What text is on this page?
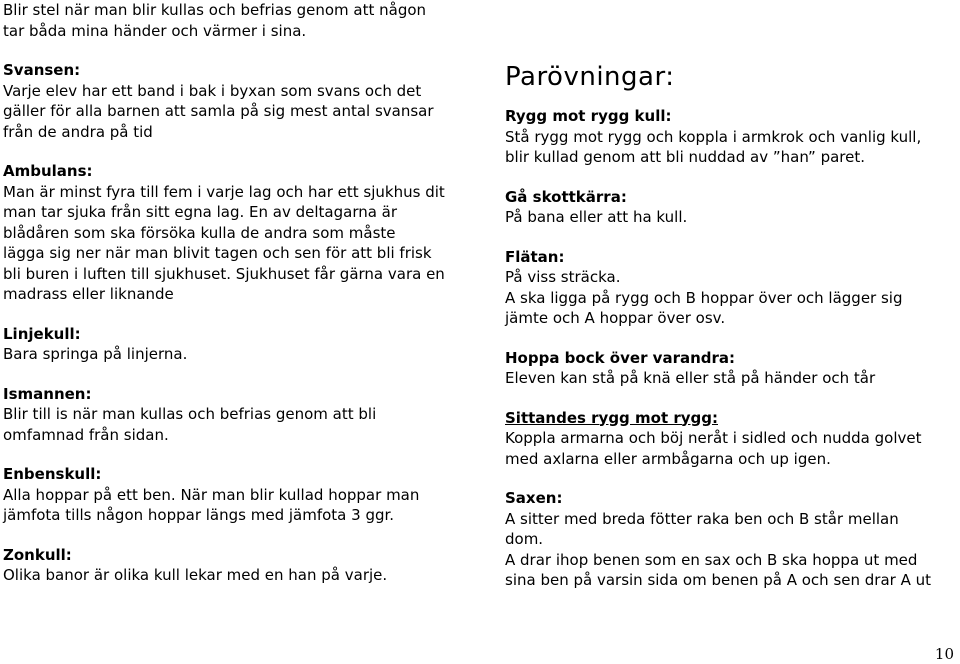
Blir stel när man blir kullas och befrias genom att någon
tar båda mina händer och värmer i sina.
Svansen:
Varje elev har ett band i bak i byxan som svans och det
gäller för alla barnen att samla på sig mest antal svansar
från de andra på tid
Ambulans:
Man är minst fyra till fem i varje lag och har ett sjukhus dit
man tar sjuka från sitt egna lag. En av deltagarna är
blådåren som ska försöka kulla de andra som måste
lägga sig ner när man blivit tagen och sen för att bli frisk
bli buren i luften till sjukhuset. Sjukhuset får gärna vara en
madrass eller liknande
Linjekull:
Bara springa på linjerna.
Ismannen:
Blir till is när man kullas och befrias genom att bli
omfamnad från sidan.
Enbenskull:
Alla hoppar på ett ben. När man blir kullad hoppar man
jämfota tills någon hoppar längs med jämfota 3 ggr.
Zonkull:
Olika banor är olika kull lekar med en han på varje.
Parövningar:
Rygg mot rygg kull:
Stå rygg mot rygg och koppla i armkrok och vanlig kull,
blir kullad genom att bli nuddad av ”han” paret.
Gå skottkärra:
På bana eller att ha kull.
Flätan:
På viss sträcka.
A ska ligga på rygg och B hoppar över och lägger sig
jämte och A hoppar över osv.
Hoppa bock över varandra:
Eleven kan stå på knä eller stå på händer och tår
Sittandes rygg mot rygg:
Koppla armarna och böj neråt i sidled och nudda golvet
med axlarna eller armbågarna och up igen.
Saxen:
A sitter med breda fötter raka ben och B står mellan
dom.
A drar ihop benen som en sax och B ska hoppa ut med
sina ben på varsin sida om benen på A och sen drar A ut
10
